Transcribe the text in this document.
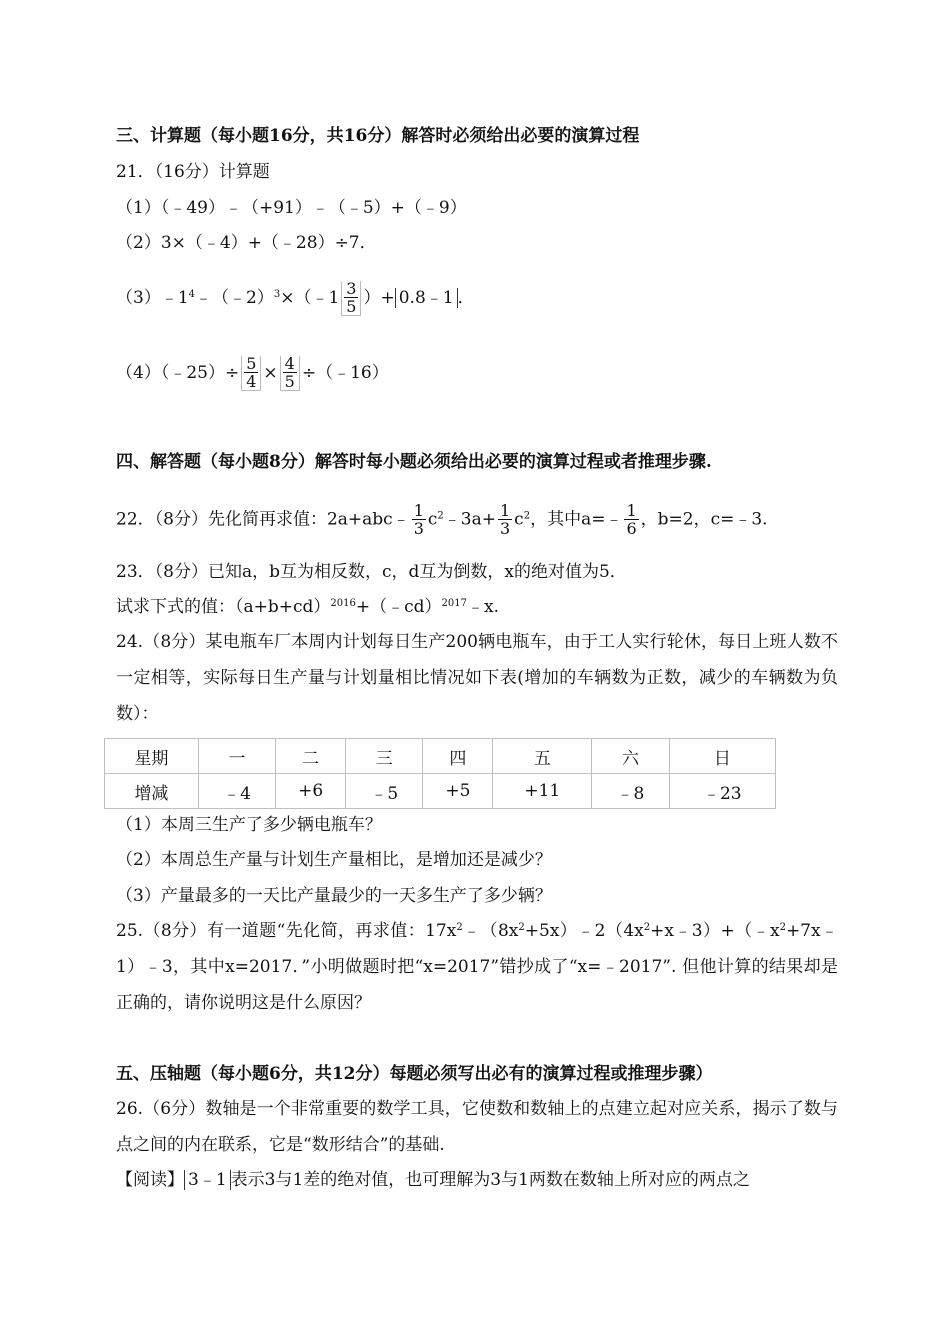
三、计算题（每小题16分，共16分）解答时必须给出必要的演算过程
21．（16分）计算题
（1）（﹣49）﹣（+91）﹣（﹣5）+（﹣9）
（2）3×（﹣4）+（﹣28）÷7．
$(3)﹣1^4﹣(﹣2)^3\times(﹣1 \frac{3}{5}$ ）+ 0.8﹣1 ．
（4）（﹣25）÷ $\frac{5}{4} \times \frac{4}{5}$ ÷（﹣16）
四、解答题（每小题8分）解答时每小题必须给出必要的演算过程或者推理步骤.
22．（8分）先化简再求值：2a+abc﹣ $\frac{1}{3}$ $c^2﹣3a+ \frac{1}{3} c^2$，其中a=﹣ $\frac{1}{6}$ ，b=2，c=﹣3.
23．（8分）已知a，b互为相反数，c，d互为倒数，x的绝对值为5．
试求下式的值：$(a+b+cd)^{2016}+(﹣cd)^{2017}﹣x$.
24.（8分）某电瓶车厂本周内计划每日生产200辆电瓶车，由于工人实行轮休，每日上班人数不一定相等，实际每日生产量与计划量相比情况如下表(增加的车辆数为正数，减少的车辆数为负数）：
星期	一	二	三	四	五	六	日
增减	﹣4	+6	﹣5	+5	+11	﹣8	﹣23
（1）本周三生产了多少辆电瓶车？
（2）本周总生产量与计划生产量相比，是增加还是减少？
（3）产量最多的一天比产量最少的一天多生产了多少辆？
25.（8分）有一道题“先化简，再求值：$17x^2﹣(8x^2+5x)﹣2(4x^2+x﹣3)+(﹣x^2+7x﹣1)﹣3$，其中x=2017．”小明做题时把“x=2017”错抄成了“x=﹣2017”. 但他计算的结果却是正确的，请你说明这是什么原因？
五、压轴题（每小题6分，共12分）每题必须写出必有的演算过程或推理步骤）
26.（6分）数轴是一个非常重要的数学工具，它使数和数轴上的点建立起对应关系，揭示了数与点之间的内在联系，它是“数形结合”的基础.
【阅读】 3﹣1 表示3与1差的绝对值，也可理解为3与1两数在数轴上所对应的两点之
